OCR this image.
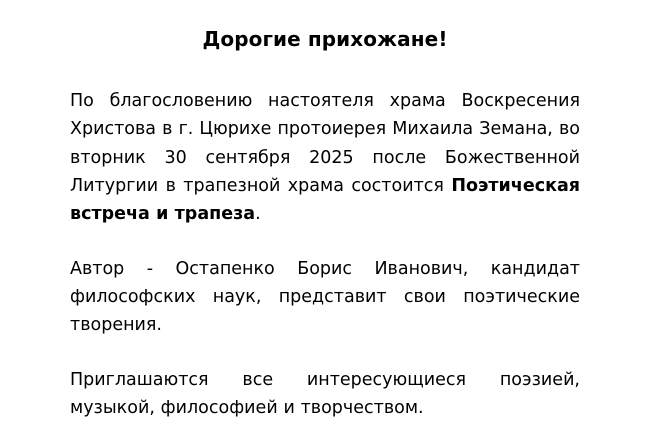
Дорогие прихожане!

По благословению настоятеля храма Воскресения Христова в г. Цюрихе протоиерея Михаила Земана, во вторник 30 сентября 2025 после Божественной Литургии в трапезной храма состоится Поэтическая встреча и трапеза.

Автор - Остапенко Борис Иванович, кандидат философских наук, представит свои поэтические творения.

Приглашаются все интересующиеся поэзией, музыкой, философией и творчеством.
